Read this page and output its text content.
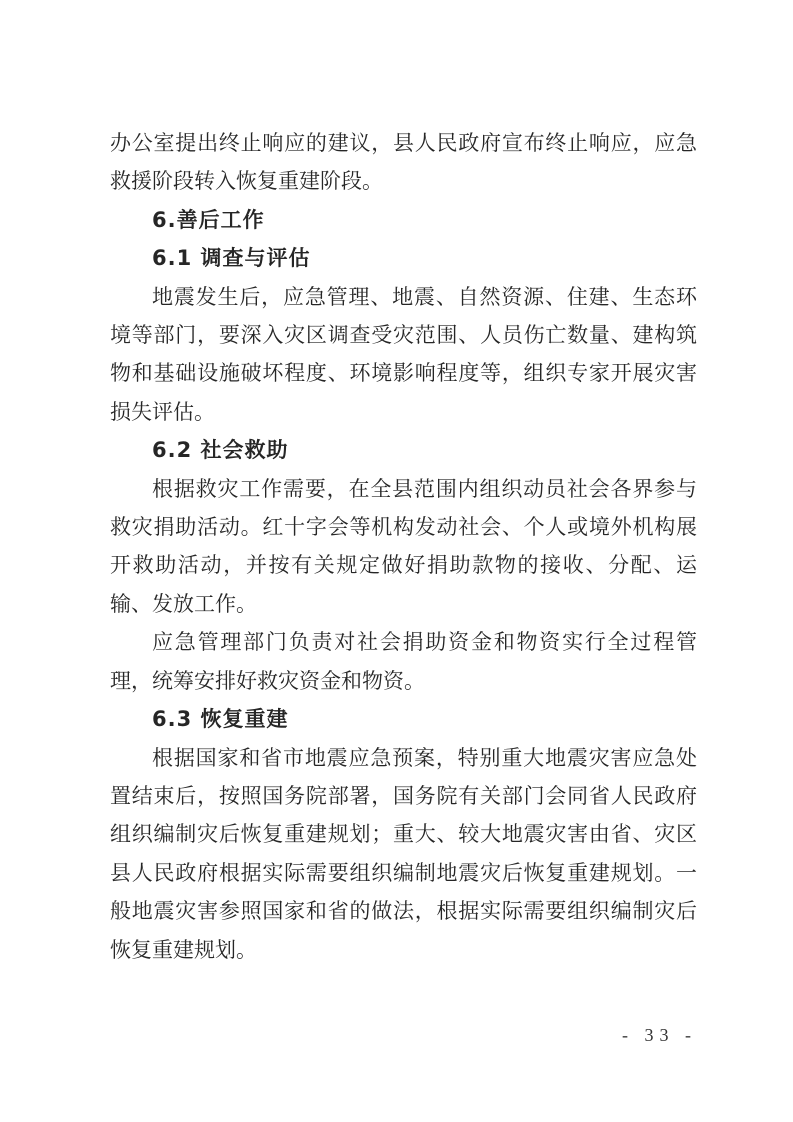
办公室提出终止响应的建议，县人民政府宣布终止响应，应急救援阶段转入恢复重建阶段。

6.善后工作

6.1 调查与评估

地震发生后，应急管理、地震、自然资源、住建、生态环境等部门，要深入灾区调查受灾范围、人员伤亡数量、建构筑物和基础设施破坏程度、环境影响程度等，组织专家开展灾害损失评估。

6.2 社会救助

根据救灾工作需要，在全县范围内组织动员社会各界参与救灾捐助活动。红十字会等机构发动社会、个人或境外机构展开救助活动，并按有关规定做好捐助款物的接收、分配、运输、发放工作。

应急管理部门负责对社会捐助资金和物资实行全过程管理，统筹安排好救灾资金和物资。

6.3 恢复重建

根据国家和省市地震应急预案，特别重大地震灾害应急处置结束后，按照国务院部署，国务院有关部门会同省人民政府组织编制灾后恢复重建规划；重大、较大地震灾害由省、灾区县人民政府根据实际需要组织编制地震灾后恢复重建规划。一般地震灾害参照国家和省的做法，根据实际需要组织编制灾后恢复重建规划。

- 33 -
